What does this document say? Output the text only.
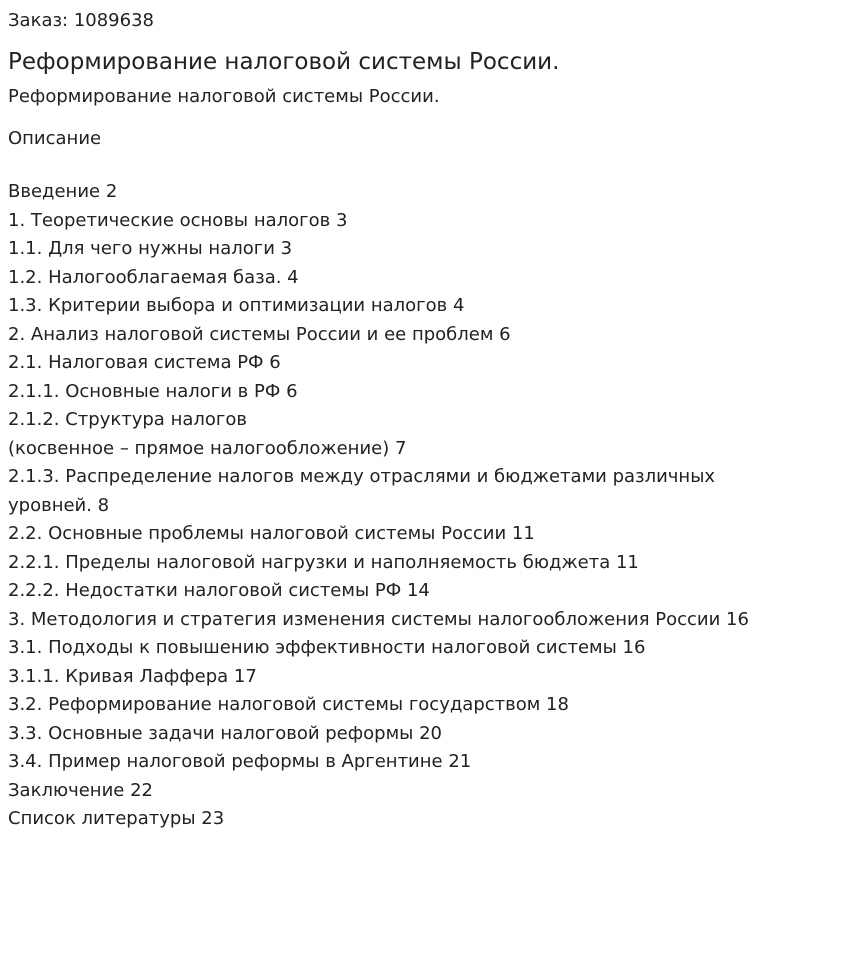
Заказ: 1089638
Реформирование налоговой системы России.
Реформирование налоговой системы России.
Описание
Введение 2
1. Теоретические основы налогов 3
1.1. Для чего нужны налоги 3
1.2. Налогооблагаемая база. 4
1.3. Критерии выбора и оптимизации налогов 4
2. Анализ налоговой системы России и ее проблем 6
2.1. Налоговая система РФ 6
2.1.1. Основные налоги в РФ 6
2.1.2. Структура налогов
(косвенное – прямое налогообложение) 7
2.1.3. Распределение налогов между отраслями и бюджетами различных уровней. 8
2.2. Основные проблемы налоговой системы России 11
2.2.1. Пределы налоговой нагрузки и наполняемость бюджета 11
2.2.2. Недостатки налоговой системы РФ 14
3. Методология и стратегия изменения системы налогообложения России 16
3.1. Подходы к повышению эффективности налоговой системы 16
3.1.1. Кривая Лаффера 17
3.2. Реформирование налоговой системы государством 18
3.3. Основные задачи налоговой реформы 20
3.4. Пример налоговой реформы в Аргентине 21
Заключение 22
Список литературы 23
